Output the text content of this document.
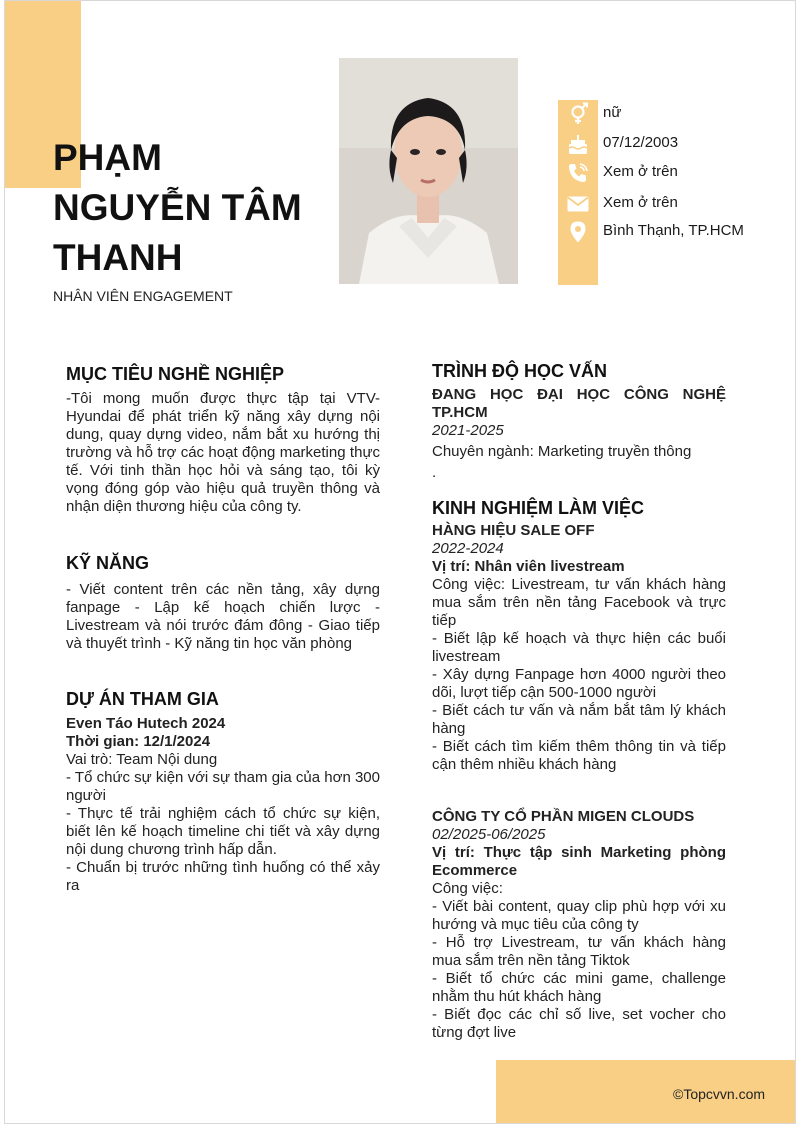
PHẠM
NGUYỄN TÂM
THANH

NHÂN VIÊN ENGAGEMENT

nữ
07/12/2003
Xem ở trên
Xem ở trên
Bình Thạnh, TP.HCM
MỤC TIÊU NGHỀ NGHIỆP

-Tôi mong muốn được thực tập tại VTV-Hyundai để phát triển kỹ năng xây dựng nội dung, quay dựng video, nắm bắt xu hướng thị trường và hỗ trợ các hoạt động marketing thực tế. Với tinh thần học hỏi và sáng tạo, tôi kỳ vọng đóng góp vào hiệu quả truyền thông và nhận diện thương hiệu của công ty.

KỸ NĂNG

- Viết content trên các nền tảng, xây dựng fanpage - Lập kế hoạch chiến lược - Livestream và nói trước đám đông - Giao tiếp và thuyết trình - Kỹ năng tin học văn phòng

DỰ ÁN THAM GIA

Even Táo Hutech 2024

Thời gian: 12/1/2024

Vai trò: Team Nội dung

- Tổ chức sự kiện với sự tham gia của hơn 300 người

- Thực tế trải nghiệm cách tổ chức sự kiện, biết lên kế hoạch timeline chi tiết và xây dựng nội dung chương trình hấp dẫn.

- Chuẩn bị trước những tình huống có thể xảy ra

TRÌNH ĐỘ HỌC VẤN

ĐANG HỌC ĐẠI HỌC CÔNG NGHỆ TP.HCM

2021-2025

Chuyên ngành: Marketing truyền thông

.

KINH NGHIỆM LÀM VIỆC

HÀNG HIỆU SALE OFF

2022-2024

Vị trí: Nhân viên livestream

Công việc: Livestream, tư vấn khách hàng mua sắm trên nền tảng Facebook và trực tiếp

- Biết lập kế hoạch và thực hiện các buổi livestream

- Xây dựng Fanpage hơn 4000 người theo dõi, lượt tiếp cận 500-1000 người

- Biết cách tư vấn và nắm bắt tâm lý khách hàng

- Biết cách tìm kiếm thêm thông tin và tiếp cận thêm nhiều khách hàng

CÔNG TY CỔ PHẦN MIGEN CLOUDS

02/2025-06/2025

Vị trí: Thực tập sinh Marketing phòng Ecommerce

Công việc:

- Viết bài content, quay clip phù hợp với xu hướng và mục tiêu của công ty

- Hỗ trợ Livestream, tư vấn khách hàng mua sắm trên nền tảng Tiktok

- Biết tổ chức các mini game, challenge nhằm thu hút khách hàng

- Biết đọc các chỉ số live, set vocher cho từng đợt live

©Topcvvn.com
